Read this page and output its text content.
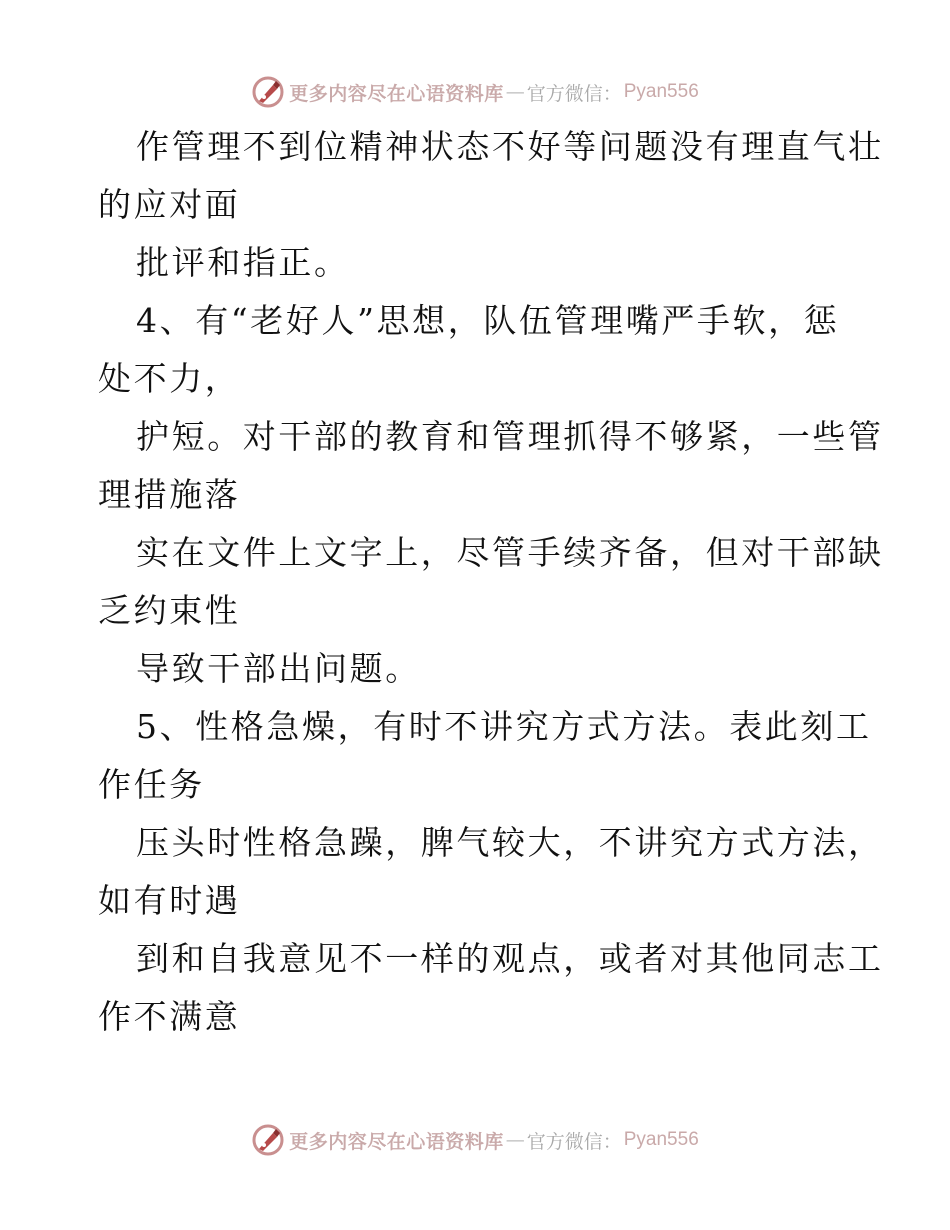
更多内容尽在心语资料库 — 官方微信： Pyan556
作管理不到位精神状态不好等问题没有理直气壮
的应对面
批评和指正。
4、有“老好人”思想，队伍管理嘴严手软，惩
处不力，
护短。对干部的教育和管理抓得不够紧，一些管
理措施落
实在文件上文字上，尽管手续齐备，但对干部缺
乏约束性
导致干部出问题。
5、性格急燥，有时不讲究方式方法。表此刻工
作任务
压头时性格急躁，脾气较大，不讲究方式方法，
如有时遇
到和自我意见不一样的观点，或者对其他同志工
作不满意
更多内容尽在心语资料库 — 官方微信： Pyan556
